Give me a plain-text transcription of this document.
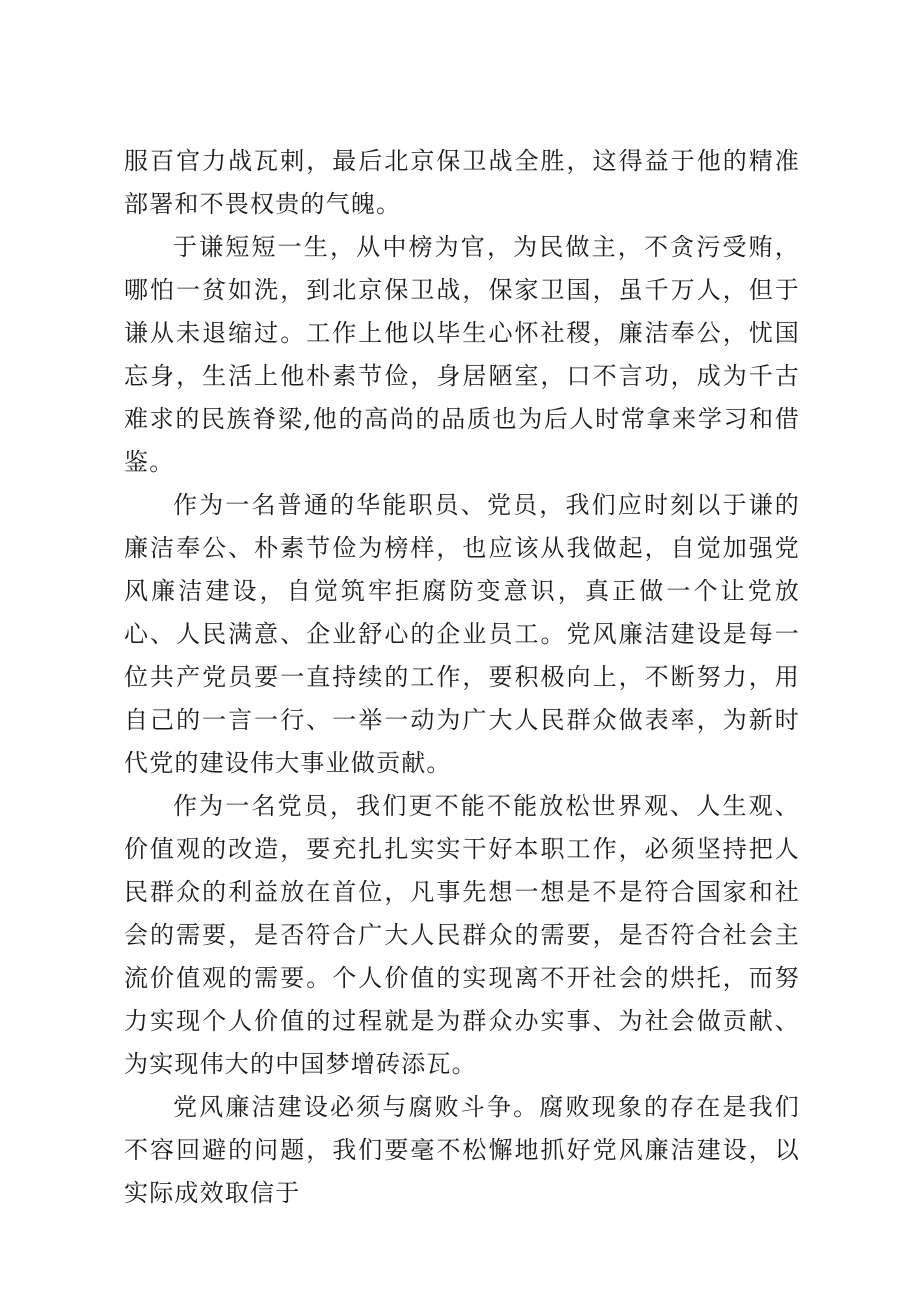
服百官力战瓦剌，最后北京保卫战全胜，这得益于他的精准部署和不畏权贵的气魄。

于谦短短一生，从中榜为官，为民做主，不贪污受贿，哪怕一贫如洗，到北京保卫战，保家卫国，虽千万人，但于谦从未退缩过。工作上他以毕生心怀社稷，廉洁奉公，忧国忘身，生活上他朴素节俭，身居陋室，口不言功，成为千古难求的民族脊梁,他的高尚的品质也为后人时常拿来学习和借鉴。

作为一名普通的华能职员、党员，我们应时刻以于谦的廉洁奉公、朴素节俭为榜样，也应该从我做起，自觉加强党风廉洁建设，自觉筑牢拒腐防变意识，真正做一个让党放心、人民满意、企业舒心的企业员工。党风廉洁建设是每一位共产党员要一直持续的工作，要积极向上，不断努力，用自己的一言一行、一举一动为广大人民群众做表率，为新时代党的建设伟大事业做贡献。

作为一名党员，我们更不能不能放松世界观、人生观、价值观的改造，要充扎扎实实干好本职工作，必须坚持把人民群众的利益放在首位，凡事先想一想是不是符合国家和社会的需要，是否符合广大人民群众的需要，是否符合社会主流价值观的需要。个人价值的实现离不开社会的烘托，而努力实现个人价值的过程就是为群众办实事、为社会做贡献、为实现伟大的中国梦增砖添瓦。

党风廉洁建设必须与腐败斗争。腐败现象的存在是我们不容回避的问题，我们要毫不松懈地抓好党风廉洁建设，以实际成效取信于
